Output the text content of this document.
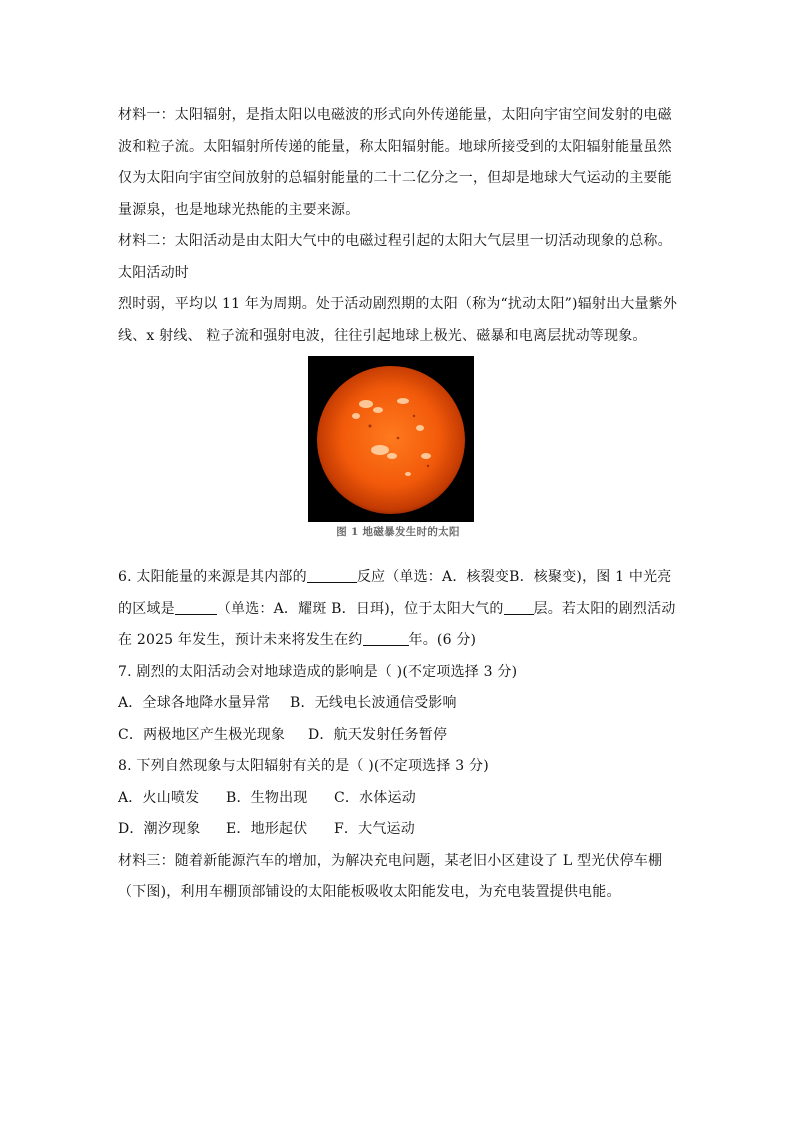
材料一：太阳辐射，是指太阳以电磁波的形式向外传递能量，太阳向宇宙空间发射的电磁
波和粒子流。太阳辐射所传递的能量，称太阳辐射能。地球所接受到的太阳辐射能量虽然
仅为太阳向宇宙空间放射的总辐射能量的二十二亿分之一，但却是地球大气运动的主要能
量源泉，也是地球光热能的主要来源。
材料二：太阳活动是由太阳大气中的电磁过程引起的太阳大气层里一切活动现象的总称。
太阳活动时
烈时弱，平均以 11 年为周期。处于活动剧烈期的太阳（称为“扰动太阳”)辐射出大量紫外
线、x 射线、 粒子流和强射电波，往往引起地球上极光、磁暴和电离层扰动等现象。
图 1 地磁暴发生时的太阳
6. 太阳能量的来源是其内部的	反应（单选：A．核裂变B．核聚变)，图 1 中光亮
的区域是	（单选：A．耀斑 B．日珥)，位于太阳大气的 层。若太阳的剧烈活动
在 2025 年发生，预计未来将发生在约	年。(6 分)
7. 剧烈的太阳活动会对地球造成的影响是（ )(不定项选择 3 分)
A．全球各地降水量异常 B．无线电长波通信受影响
C．两极地区产生极光现象 D．航天发射任务暂停
8. 下列自然现象与太阳辐射有关的是（ )(不定项选择 3 分)
A．火山喷发 B．生物出现 C．水体运动
D．潮汐现象 E．地形起伏 F．大气运动
材料三：随着新能源汽车的增加，为解决充电问题，某老旧小区建设了 L 型光伏停车棚
（下图)，利用车棚顶部铺设的太阳能板吸收太阳能发电，为充电装置提供电能。
